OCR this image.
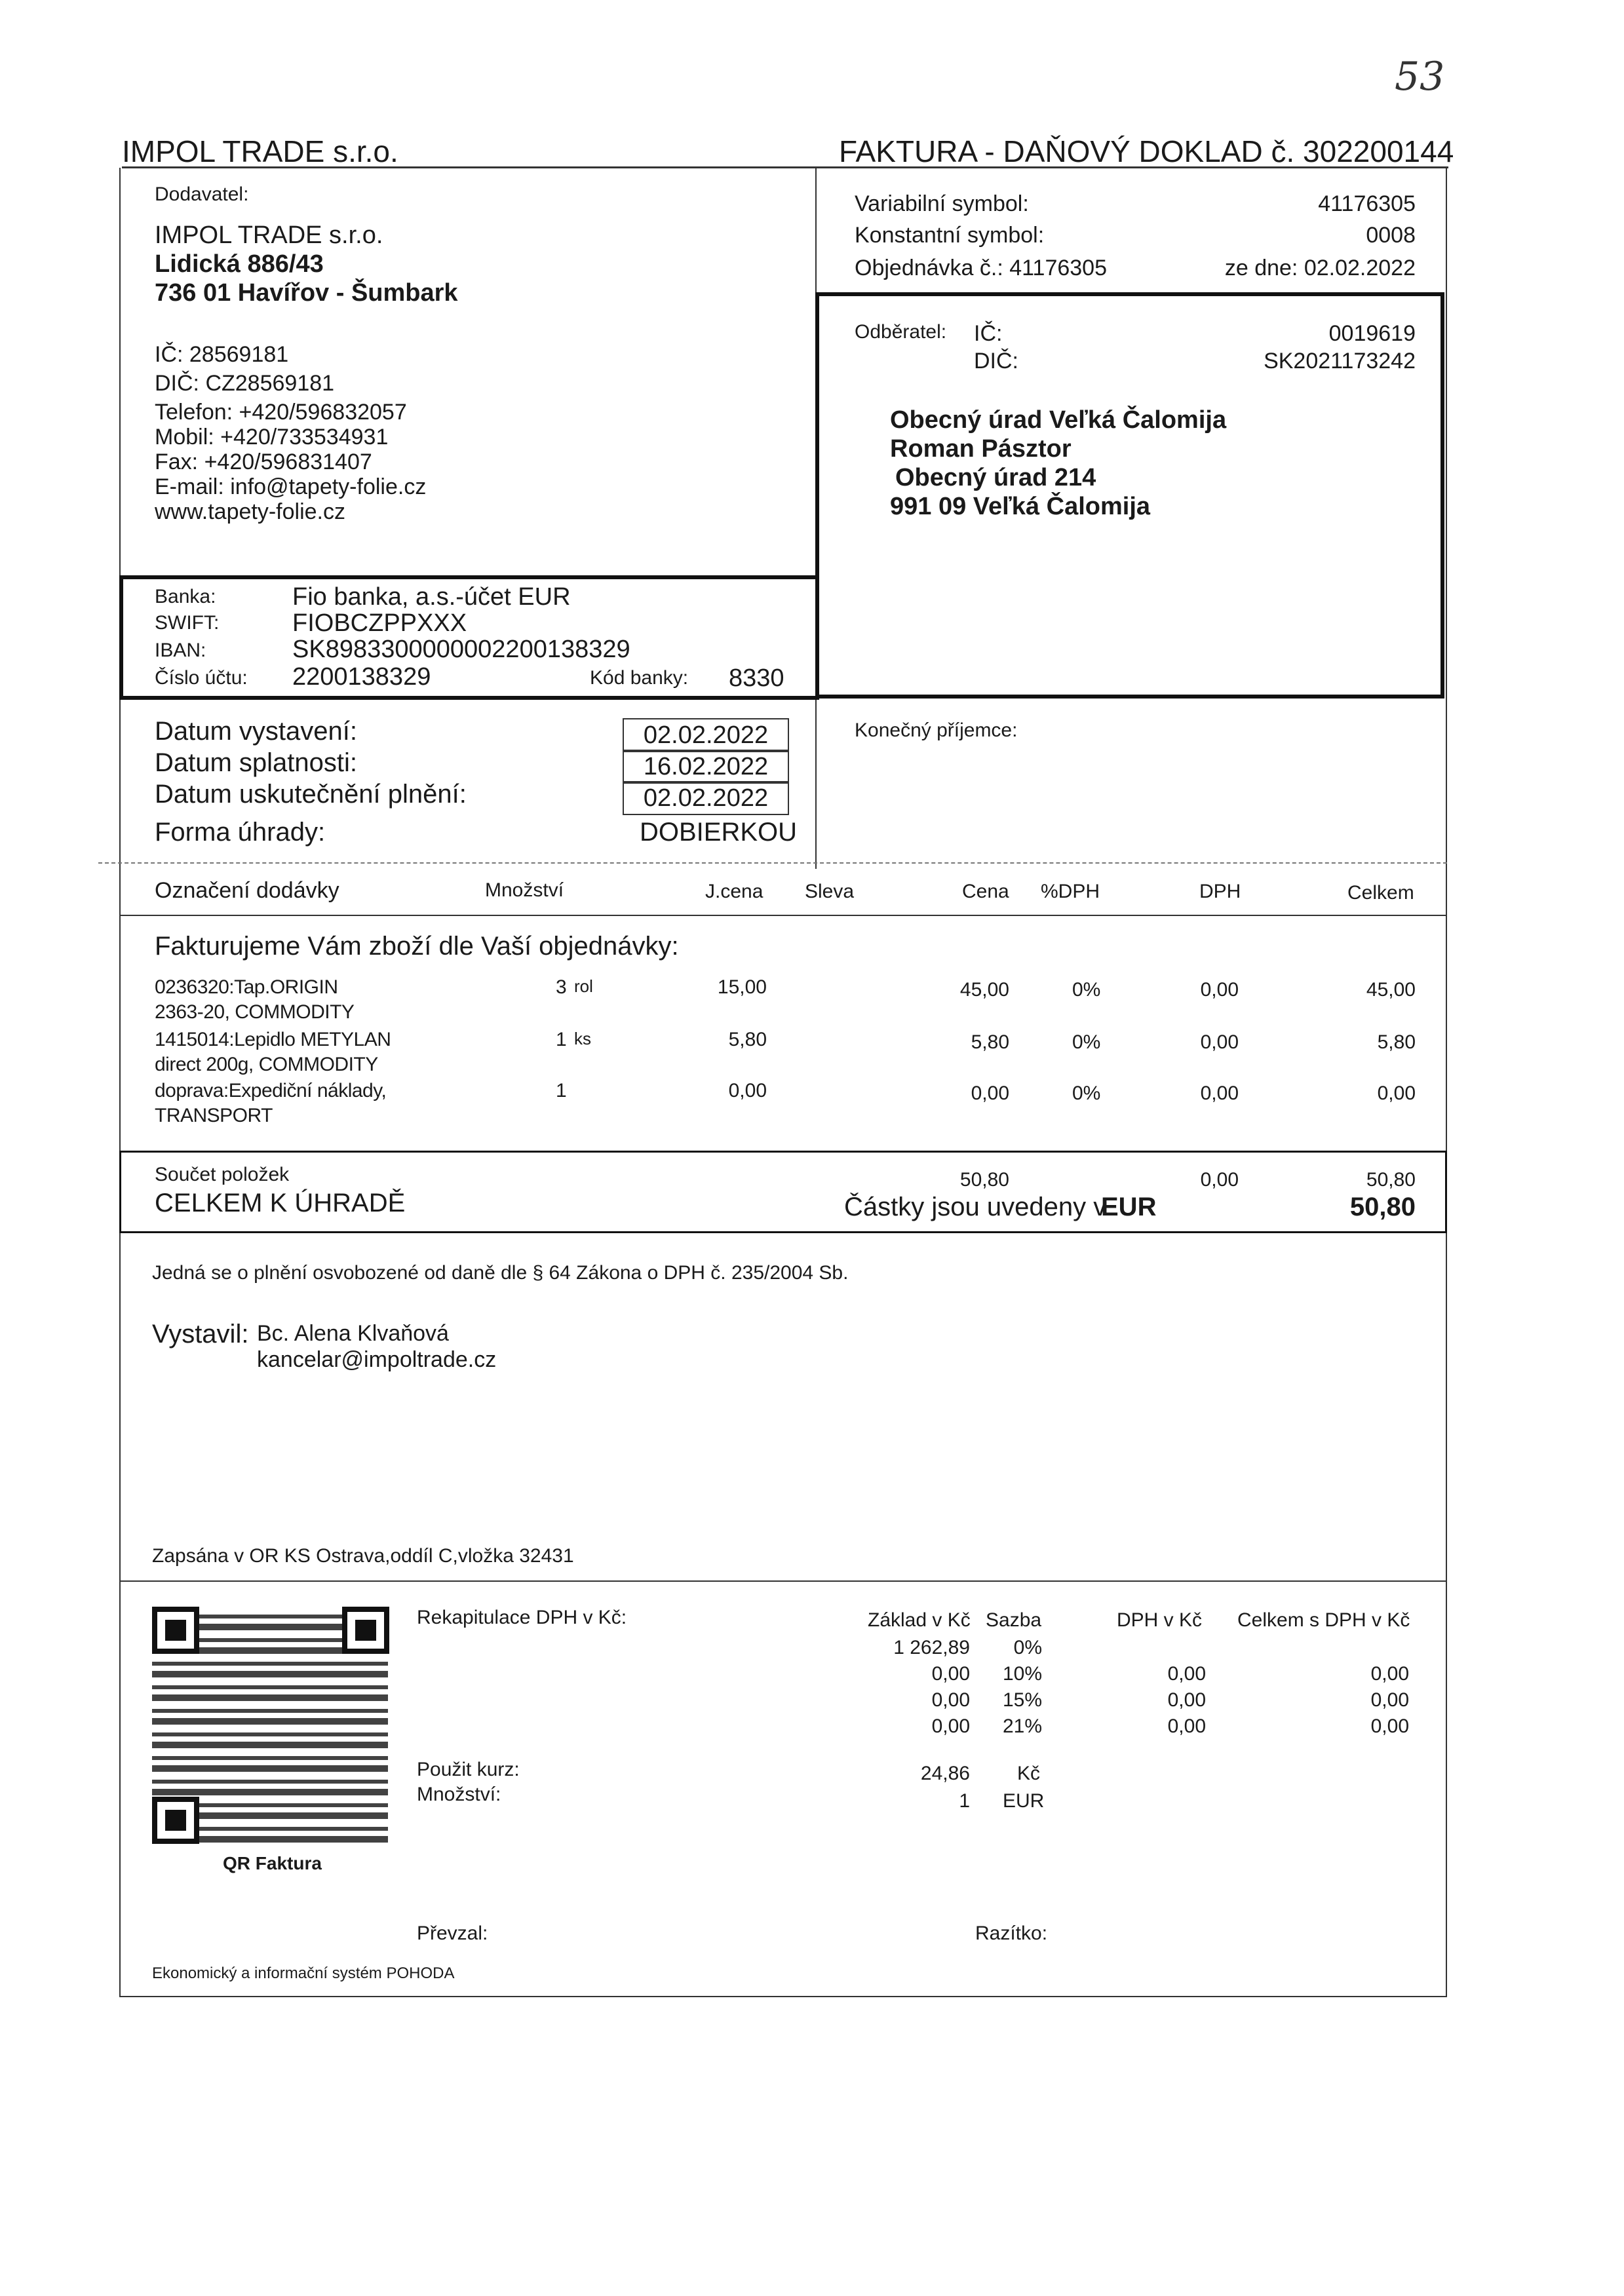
53
IMPOL TRADE s.r.o.	FAKTURA - DAŇOVÝ DOKLAD č. 302200144
Dodavatel:
IMPOL TRADE s.r.o.
Lidická 886/43
736 01 Havířov - Šumbark
IČ: 28569181
DIČ: CZ28569181
Telefon: +420/596832057
Mobil: +420/733534931
Fax: +420/596831407
E-mail: info@tapety-folie.cz
www.tapety-folie.cz
Variabilní symbol:	41176305
Konstantní symbol:	0008
Objednávka č.: 41176305	ze dne: 02.02.2022
Odběratel: IČ:	0019619
DIČ:	SK2021173242
Obecný úrad Veľká Čalomija
Roman Pásztor
Obecný úrad 214
991 09 Veľká Čalomija
Banka:	Fio banka, a.s.-účet EUR
SWIFT:	FIOBCZPPXXX
IBAN:	SK8983300000002200138329
Číslo účtu: 2200138329	Kód banky: 8330
Datum vystavení:	02.02.2022
Datum splatnosti:	16.02.2022
Datum uskutečnění plnění:	02.02.2022
Forma úhrady:	DOBIERKOU
Konečný příjemce:
Označení dodávky	Množství	J.cena Sleva	Cena %DPH	DPH	Celkem
Fakturujeme Vám zboží dle Vaší objednávky:
0236320:Tap.ORIGIN
2363-20, COMMODITY
3 rol	15,00	45,00	0%	0,00	45,00
1415014:Lepidlo METYLAN
direct 200g, COMMODITY
1 ks	5,80	5,80	0%	0,00	5,80
doprava:Expediční náklady,
TRANSPORT
1	0,00	0,00	0%	0,00	0,00
Součet položek	50,80	0,00	50,80
CELKEM K ÚHRADĚ	Částky jsou uvedeny v
EUR	50,80
Jedná se o plnění osvobozené od daně dle § 64 Zákona o DPH č. 235/2004 Sb.
Vystavil: Bc. Alena Klvaňová
kancelar@impoltrade.cz
Zapsána v OR KS Ostrava,oddíl C,vložka 32431
QR Faktura
Rekapitulace DPH v Kč:	Základ v Kč Sazba	DPH v Kč Celkem s DPH v Kč
1 262,89	0%
0,00	10%	0,00	0,00
0,00	15%	0,00	0,00
0,00	21%	0,00	0,00
Použit kurz:	24,86 Kč
Množství:	1 EUR
Převzal:	Razítko:
Ekonomický a informační systém POHODA
